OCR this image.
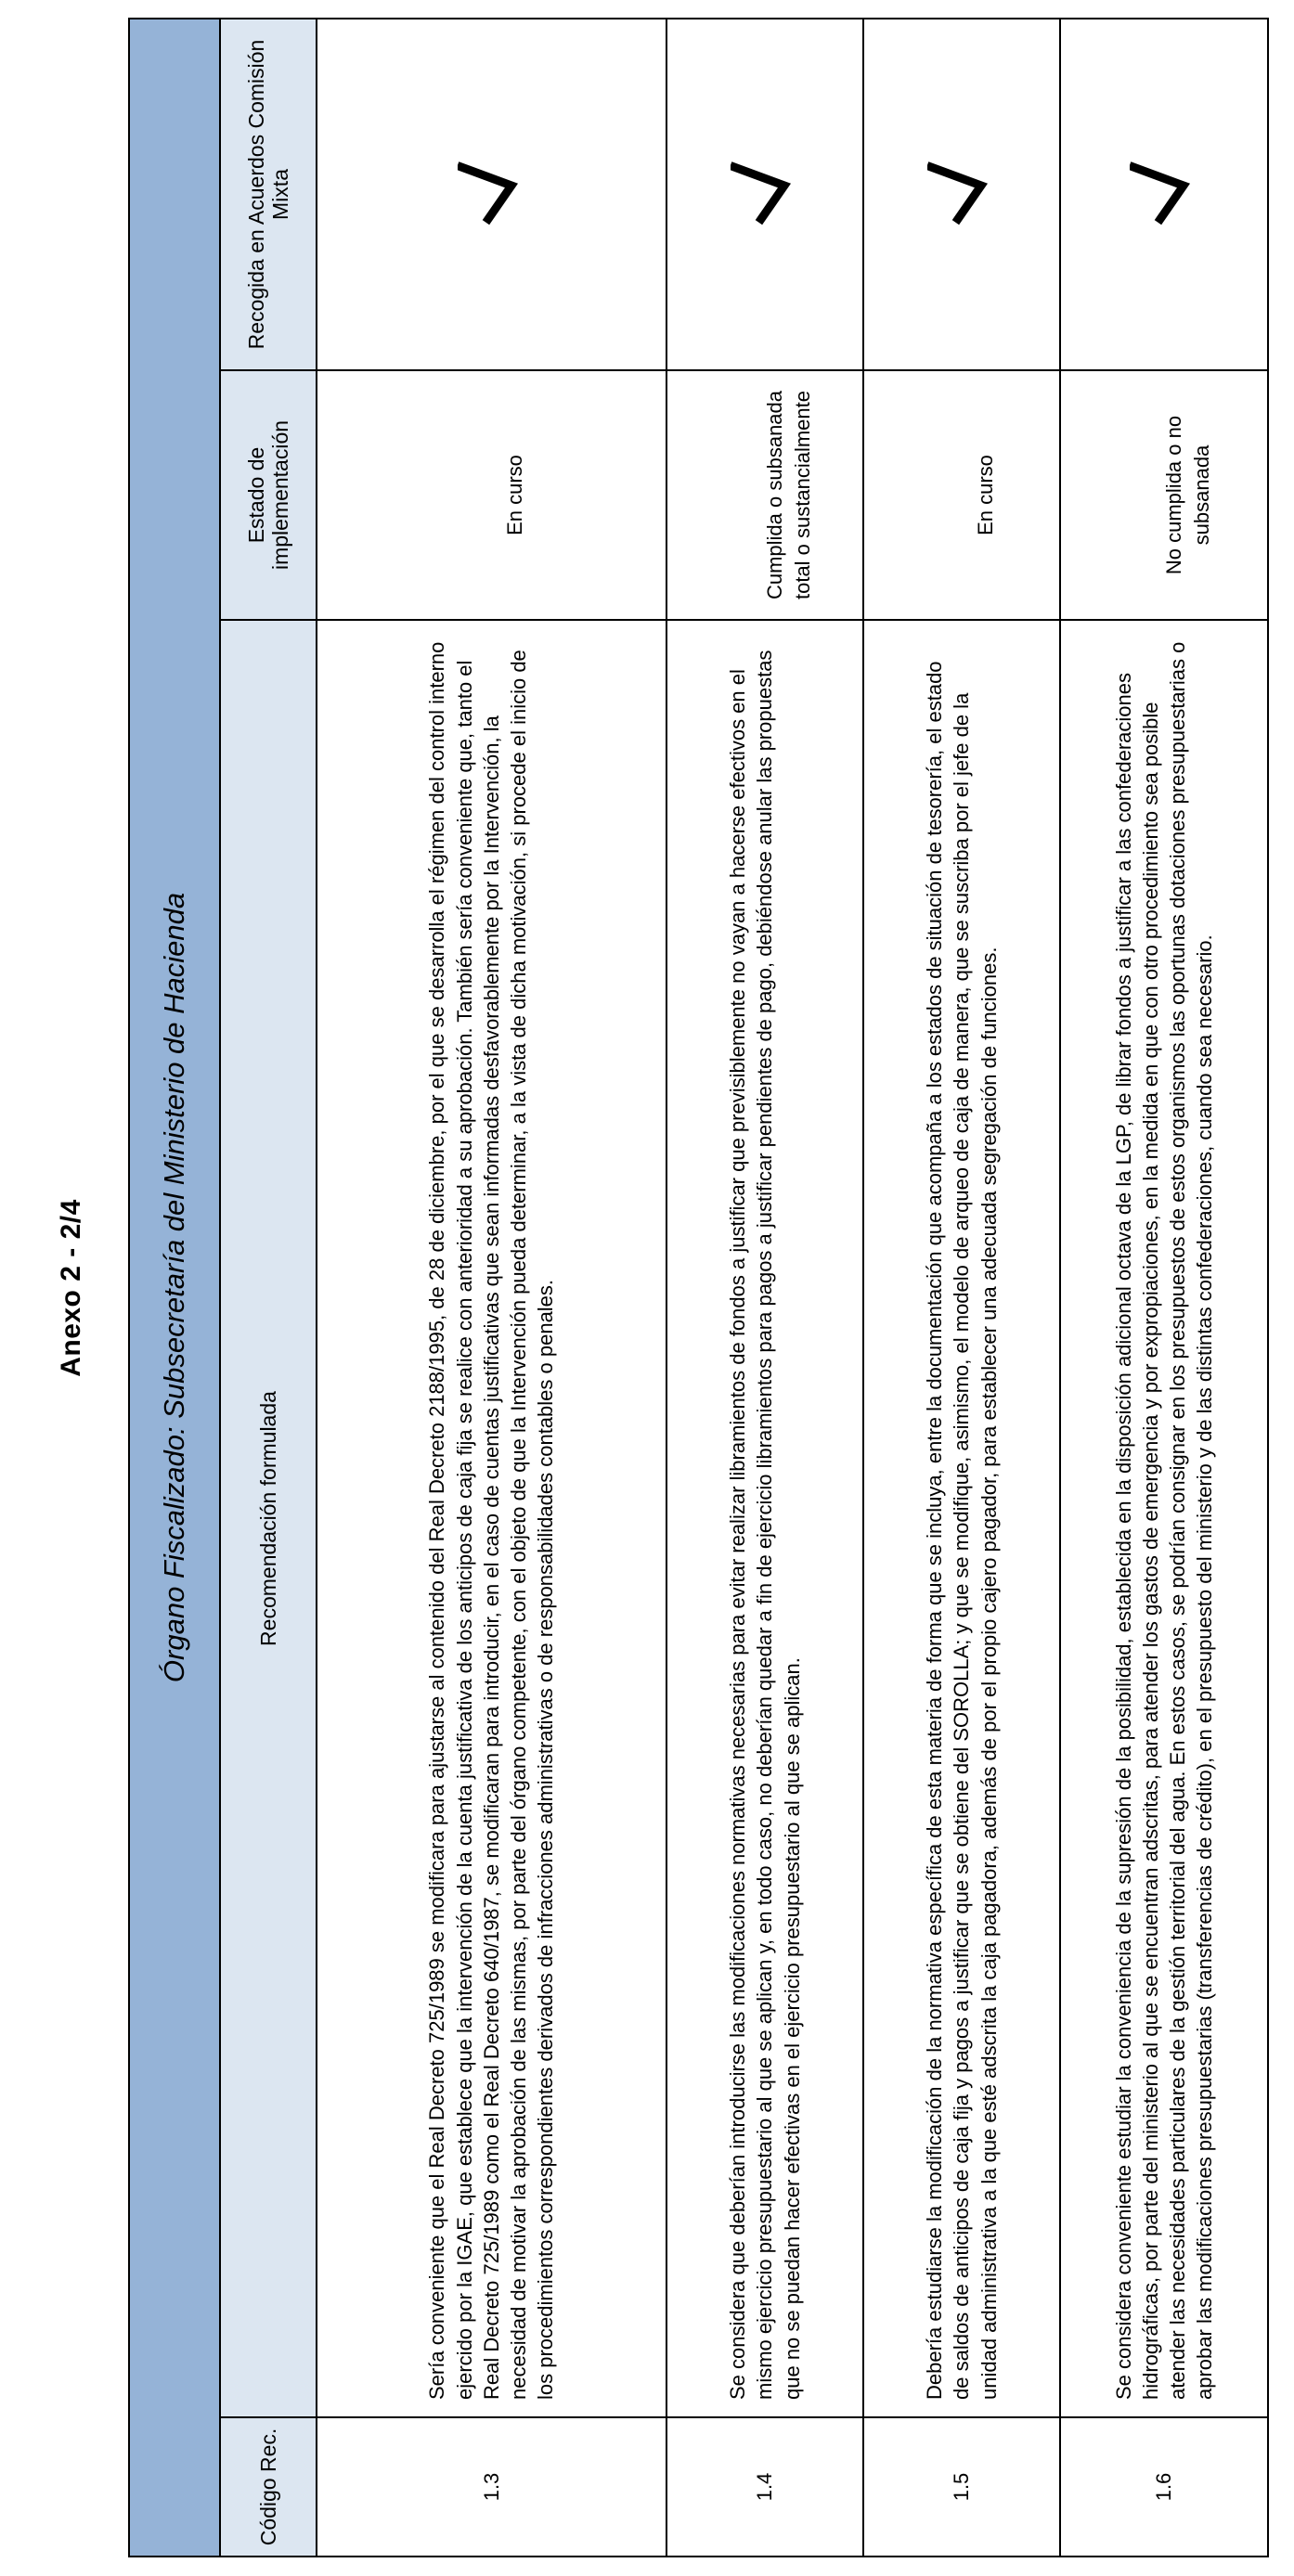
Anexo 2 - 2/4 Órgano Fiscalizado: Subsecretaría del Ministerio de Hacienda			
Código Rec.	Recomendación formulada	Estado de implementación	Recogida en Acuerdos Comisión Mixta
1.3	Sería conveniente que el Real Decreto 725/1989 se modificara para ajustarse al contenido del Real Decreto 2188/1995, de 28 de diciembre, por el que se desarrolla el régimen del control interno ejercido por la IGAE, que establece que la intervención de la cuenta justificativa de los anticipos de caja fija se realice con anterioridad a su aprobación. También sería conveniente que, tanto el Real Decreto 725/1989 como el Real Decreto 640/1987, se modificaran para introducir, en el caso de cuentas justificativas que sean informadas desfavorablemente por la Intervención, la necesidad de motivar la aprobación de las mismas, por parte del órgano competente, con el objeto de que la Intervención pueda determinar, a la vista de dicha motivación, si procede el inicio de los procedimientos correspondientes derivados de infracciones administrativas o de responsabilidades contables o penales.	En curso	

1.4	Se considera que deberían introducirse las modificaciones normativas necesarias para evitar realizar libramientos de fondos a justificar que previsiblemente no vayan a hacerse efectivos en el mismo ejercicio presupuestario al que se aplican y, en todo caso, no deberían quedar a fin de ejercicio libramientos para pagos a justificar pendientes de pago, debiéndose anular las propuestas que no se puedan hacer efectivas en el ejercicio presupuestario al que se aplican.	Cumplida o subsanada total o sustancialmente	

1.5	Debería estudiarse la modificación de la normativa específica de esta materia de forma que se incluya, entre la documentación que acompaña a los estados de situación de tesorería, el estado de saldos de anticipos de caja fija y pagos a justificar que se obtiene del SOROLLA; y que se modifique, asimismo, el modelo de arqueo de caja de manera, que se suscriba por el jefe de la unidad administrativa a la que esté adscrita la caja pagadora, además de por el propio cajero pagador, para establecer una adecuada segregación de funciones.	En curso	

1.6	Se considera conveniente estudiar la conveniencia de la supresión de la posibilidad, establecida en la disposición adicional octava de la LGP, de librar fondos a justificar a las confederaciones hidrográficas, por parte del ministerio al que se encuentran adscritas, para atender los gastos de emergencia y por expropiaciones, en la medida en que con otro procedimiento sea posible atender las necesidades particulares de la gestión territorial del agua. En estos casos, se podrían consignar en los presupuestos de estos organismos las oportunas dotaciones presupuestarias o aprobar las modificaciones presupuestarias (transferencias de crédito), en el presupuesto del ministerio y de las distintas confederaciones, cuando sea necesario.	No cumplida o no subsanada	
